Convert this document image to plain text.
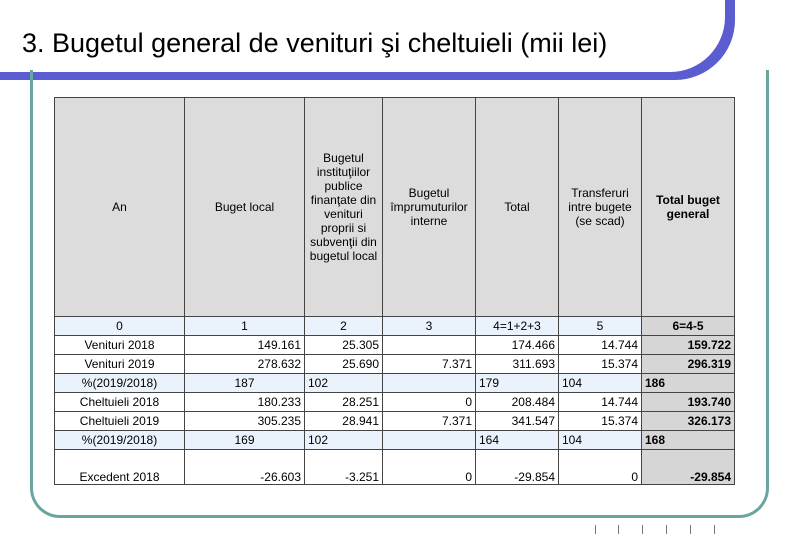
3. Bugetul general de venituri şi cheltuieli (mii lei)
An	Buget local	Bugetul instituţiilor publice finanţate din venituri proprii si subvenţii din bugetul local	Bugetul împrumuturilor interne	Total	Transferuri intre bugete (se scad)	Total buget general
0	1	2	3	4=1+2+3	5	6=4-5
Venituri 2018	149.161	25.305		174.466	14.744	159.722
Venituri 2019	278.632	25.690	7.371	311.693	15.374	296.319
%(2019/2018)	187	102		179	104	186
Cheltuieli 2018	180.233	28.251	0	208.484	14.744	193.740
Cheltuieli 2019	305.235	28.941	7.371	341.547	15.374	326.173
%(2019/2018)	169	102		164	104	168
Excedent 2018	-26.603	-3.251	0	-29.854	0	-29.854
